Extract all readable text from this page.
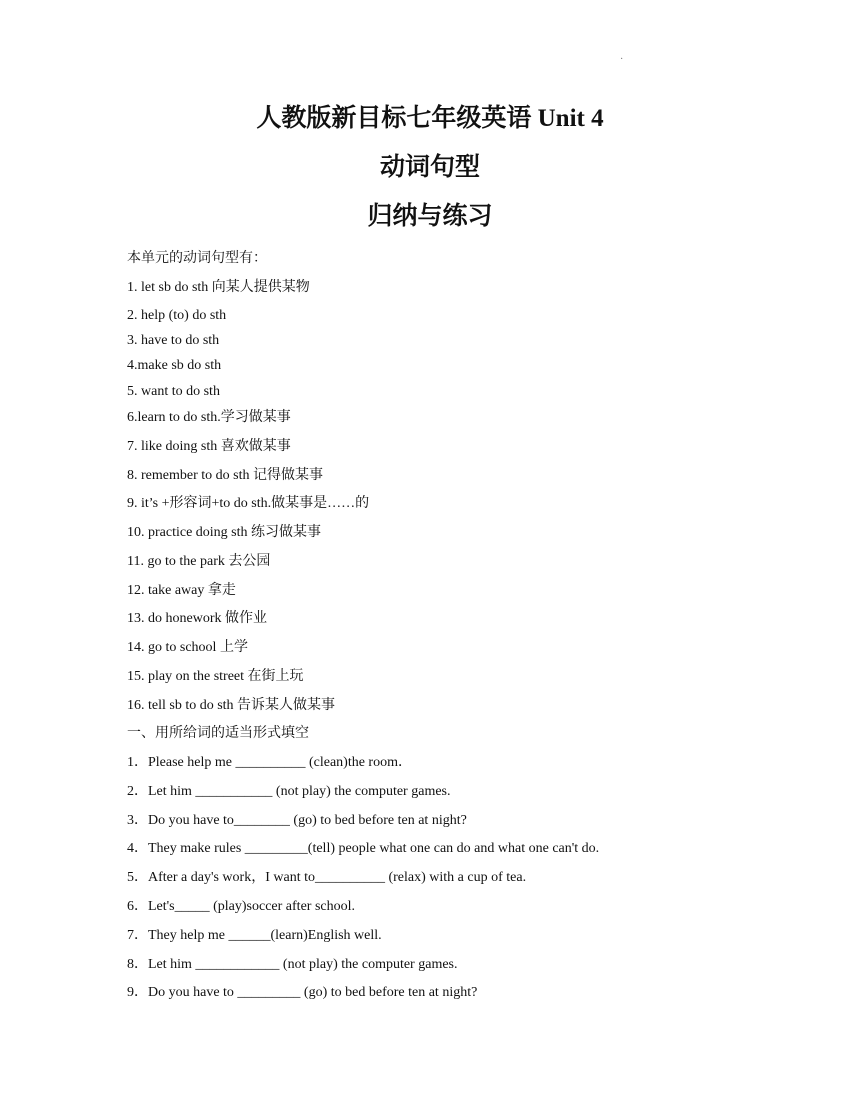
·
人教版新目标七年级英语 Unit 4
动词句型
归纳与练习
本单元的动词句型有：
1. let sb do sth 向某人提供某物
2. help (to) do sth
3. have to do sth
4.make sb do sth
5. want to do sth
6.learn to do sth.学习做某事
7. like doing sth 喜欢做某事
8. remember to do sth 记得做某事
9. it’s +形容词+to do sth.做某事是……的
10. practice doing sth 练习做某事
11. go to the park 去公园
12. take away 拿走
13. do honework 做作业
14. go to school 上学
15. play on the street 在街上玩
16. tell sb to do sth 告诉某人做某事
一、用所给词的适当形式填空
1．Please help me __________ (clean)the room．
2．Let him ___________ (not play) the computer games.
3．Do you have to________ (go) to bed before ten at night?
4．They make rules _________(tell) people what one can do and what one can't do.
5．After a day's work，I want to__________ (relax) with a cup of tea.
6．Let's_____ (play)soccer after school.
7．They help me ______(learn)English well.
8．Let him ____________ (not play) the computer games.
9．Do you have to _________ (go) to bed before ten at night?
